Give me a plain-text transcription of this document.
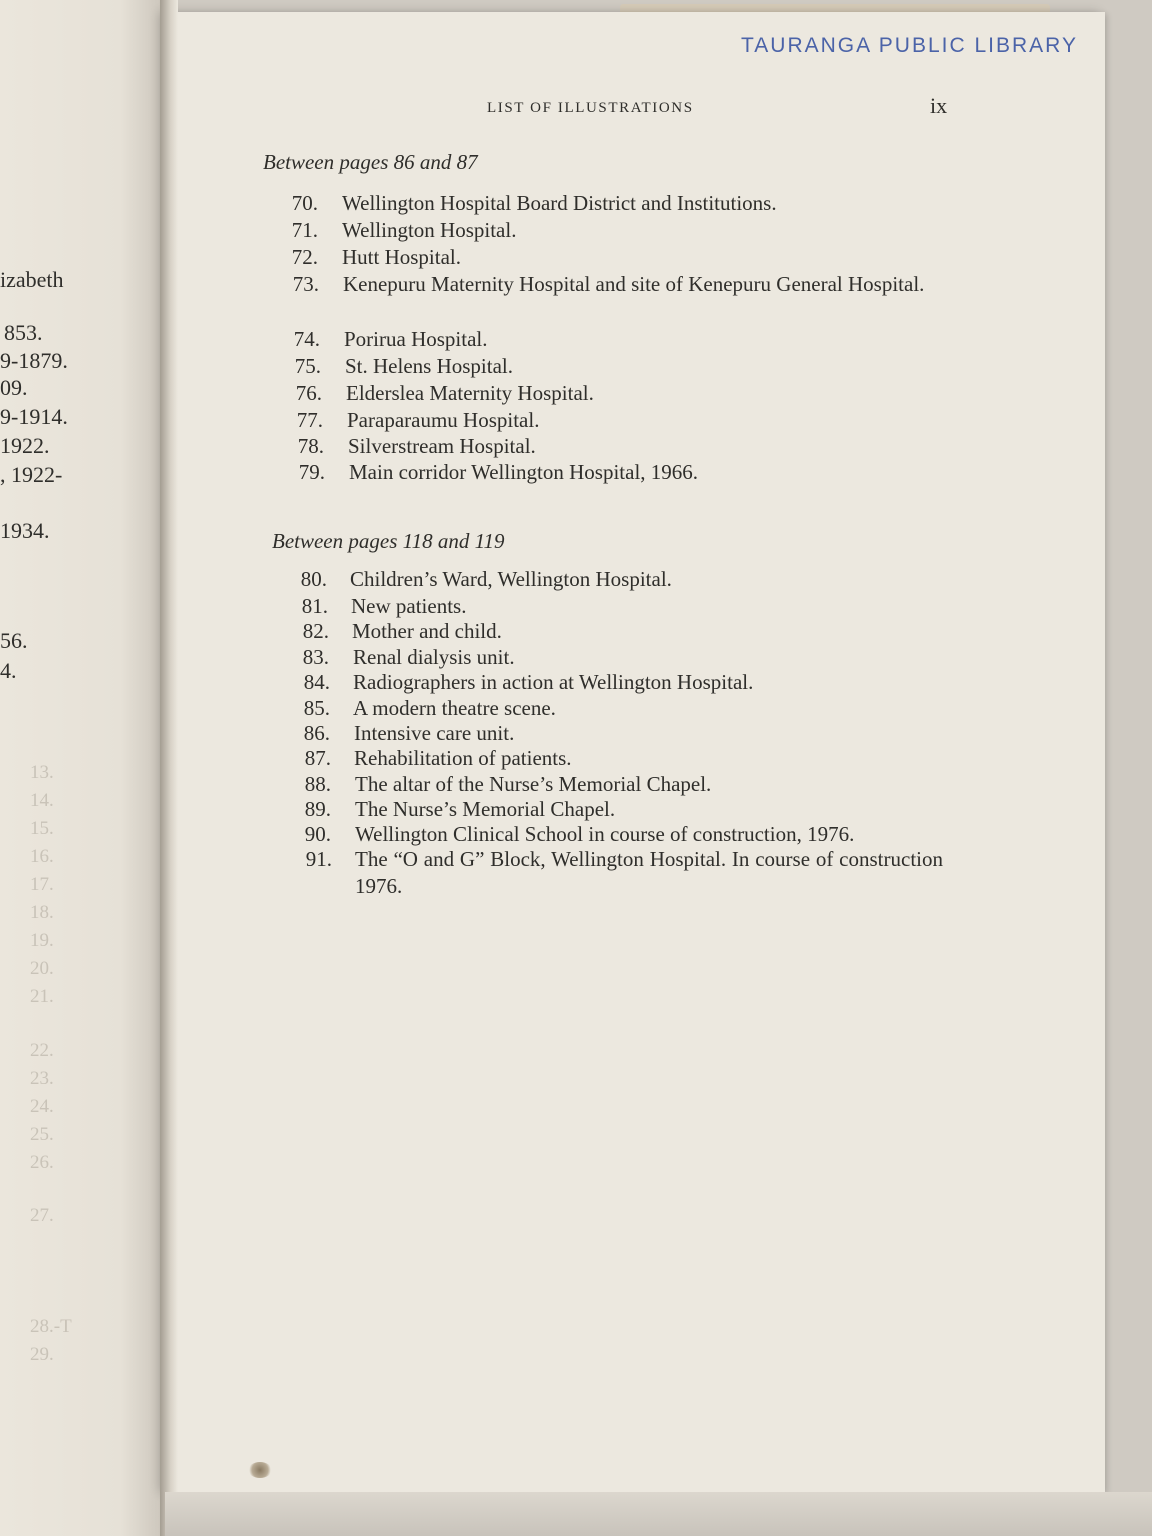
izabeth
853.
9-1879.
09.
9-1914.
1922.
, 1922-
1934.
56.
4.
13.
14.
15.
16.
17.
18.
19.
20.
21.
22.
23.
24.
25.
26.
27.
28.-T
29.
TAURANGA PUBLIC LIBRARY
LIST OF ILLUSTRATIONS	ix
Between pages 86 and 87
70. Wellington Hospital Board District and Institutions.
71. Wellington Hospital.
72. Hutt Hospital.
73. Kenepuru Maternity Hospital and site of Kenepuru General Hospital.
74. Porirua Hospital.
75. St. Helens Hospital.
76. Elderslea Maternity Hospital.
77. Paraparaumu Hospital.
78. Silverstream Hospital.
79. Main corridor Wellington Hospital, 1966.
Between pages 118 and 119
80. Children’s Ward, Wellington Hospital.
81. New patients.
82. Mother and child.
83. Renal dialysis unit.
84. Radiographers in action at Wellington Hospital.
85. A modern theatre scene.
86. Intensive care unit.
87. Rehabilitation of patients.
88. The altar of the Nurse’s Memorial Chapel.
89. The Nurse’s Memorial Chapel.
90. Wellington Clinical School in course of construction, 1976.
91. The “O and G” Block, Wellington Hospital. In course of construction 1976.
